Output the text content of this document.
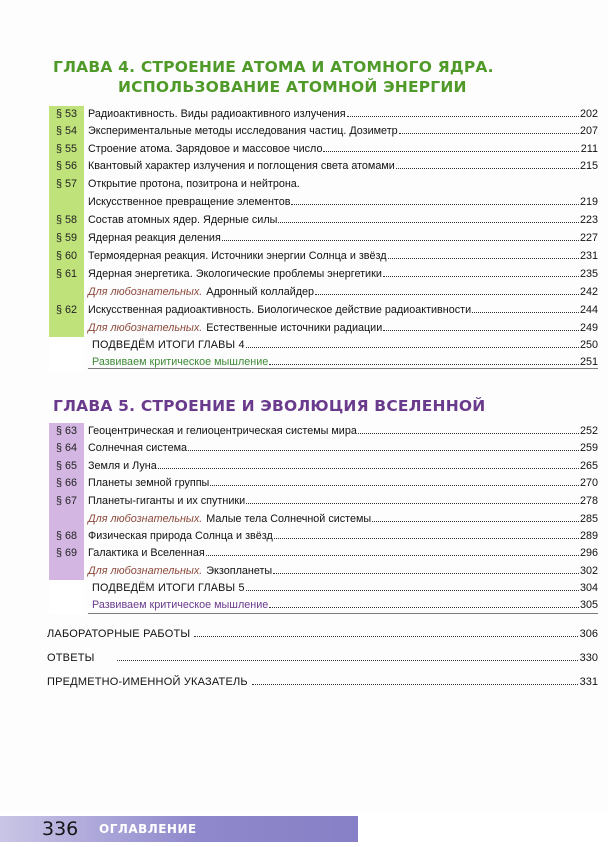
ГЛАВА 4. СТРОЕНИЕ АТОМА И АТОМНОГО ЯДРА.
ИСПОЛЬЗОВАНИЕ АТОМНОЙ ЭНЕРГИИ
§ 53	Радиоактивность. Виды радиоактивного излучения	202
§ 54	Экспериментальные методы исследования частиц. Дозиметр	207
§ 55	Строение атома. Зарядовое и массовое число	211
§ 56	Квантовый характер излучения и поглощения света атомами	215
§ 57	Открытие протона, позитрона и нейтрона.
Искусственное превращение элементов	219
§ 58	Состав атомных ядер. Ядерные силы	223
§ 59	Ядерная реакция деления	227
§ 60	Термоядерная реакция. Источники энергии Солнца и звёзд	231
§ 61	Ядерная энергетика. Экологические проблемы энергетики	235
Для любознательных. Адронный коллайдер	242
§ 62	Искусственная радиоактивность. Биологическое действие радиоактивности	244
Для любознательных. Естественные источники радиации	249
ПОДВЕДЁМ ИТОГИ ГЛАВЫ 4	250
Развиваем критическое мышление	251
ГЛАВА 5. СТРОЕНИЕ И ЭВОЛЮЦИЯ ВСЕЛЕННОЙ
§ 63	Геоцентрическая и гелиоцентрическая системы мира	252
§ 64	Солнечная система	259
§ 65	Земля и Луна	265
§ 66	Планеты земной группы	270
§ 67	Планеты-гиганты и их спутники	278
Для любознательных. Малые тела Солнечной системы	285
§ 68	Физическая природа Солнца и звёзд	289
§ 69	Галактика и Вселенная	296
Для любознательных. Экзопланеты	302
ПОДВЕДЁМ ИТОГИ ГЛАВЫ 5	304
Развиваем критическое мышление	305
ЛАБОРАТОРНЫЕ РАБОТЫ	306
ОТВЕТЫ	330
ПРЕДМЕТНО-ИМЕННОЙ УКАЗАТЕЛЬ	331
336 ОГЛАВЛЕНИЕ
